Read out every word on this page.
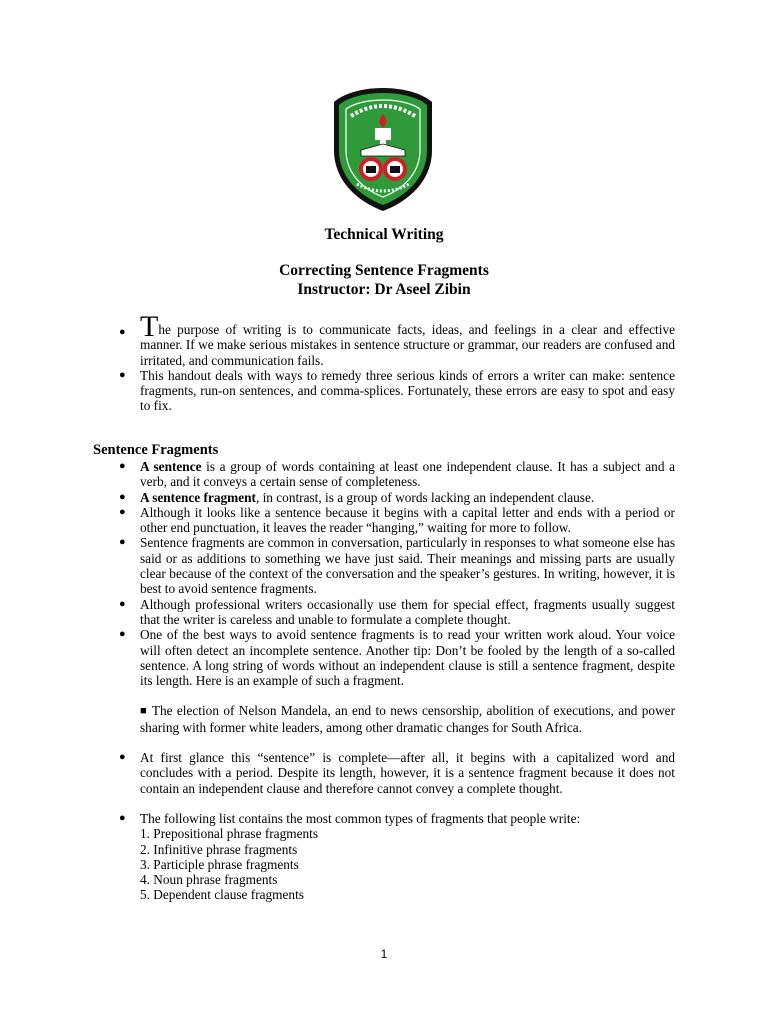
Technical Writing
Correcting Sentence Fragments
Instructor: Dr Aseel Zibin
● The purpose of writing is to communicate facts, ideas, and feelings in a clear and effective manner. If we make serious mistakes in sentence structure or grammar, our readers are confused and irritated, and communication fails.
● This handout deals with ways to remedy three serious kinds of errors a writer can make: sentence fragments, run-on sentences, and comma-splices. Fortunately, these errors are easy to spot and easy to fix.
Sentence Fragments
● A sentence is a group of words containing at least one independent clause. It has a subject and a verb, and it conveys a certain sense of completeness.
● A sentence fragment, in contrast, is a group of words lacking an independent clause.
● Although it looks like a sentence because it begins with a capital letter and ends with a period or other end punctuation, it leaves the reader “hanging,” waiting for more to follow.
● Sentence fragments are common in conversation, particularly in responses to what someone else has said or as additions to something we have just said. Their meanings and missing parts are usually clear because of the context of the conversation and the speaker’s gestures. In writing, however, it is best to avoid sentence fragments.
● Although professional writers occasionally use them for special effect, fragments usually suggest that the writer is careless and unable to formulate a complete thought.
● One of the best ways to avoid sentence fragments is to read your written work aloud. Your voice will often detect an incomplete sentence. Another tip: Don’t be fooled by the length of a so-called sentence. A long string of words without an independent clause is still a sentence fragment, despite its length. Here is an example of such a fragment.
■ The election of Nelson Mandela, an end to news censorship, abolition of executions, and power sharing with former white leaders, among other dramatic changes for South Africa.
● At first glance this “sentence” is complete—after all, it begins with a capitalized word and concludes with a period. Despite its length, however, it is a sentence fragment because it does not contain an independent clause and therefore cannot convey a complete thought.
● The following list contains the most common types of fragments that people write:
1. Prepositional phrase fragments
2. Infinitive phrase fragments
3. Participle phrase fragments
4. Noun phrase fragments
5. Dependent clause fragments
1
